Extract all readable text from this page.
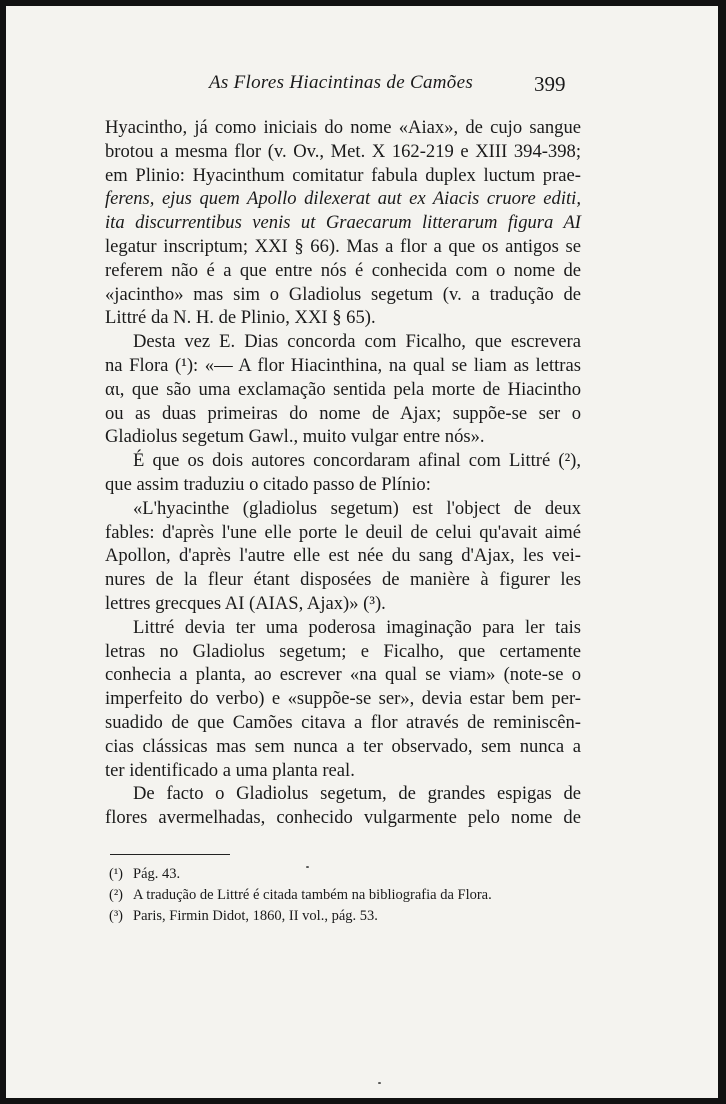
As Flores Hiacintinas de Camões	399
Hyacintho, já como iniciais do nome «Aiax», de cujo sangue
brotou a mesma flor (v. Ov., Met. X 162-219 e XIII 394-398;
em Plinio: Hyacinthum comitatur fabula duplex luctum prae-
ferens, ejus quem Apollo dilexerat aut ex Aiacis cruore editi,
ita discurrentibus venis ut Graecarum litterarum figura AI
legatur inscriptum; XXI § 66). Mas a flor a que os antigos se
referem não é a que entre nós é conhecida com o nome de
«jacintho» mas sim o Gladiolus segetum (v. a tradução de
Littré da N. H. de Plinio, XXI § 65).
Desta vez E. Dias concorda com Ficalho, que escrevera
na Flora (¹): «— A flor Hiacinthina, na qual se liam as lettras
αι, que são uma exclamação sentida pela morte de Hiacintho
ou as duas primeiras do nome de Ajax; suppõe-se ser o
Gladiolus segetum Gawl., muito vulgar entre nós».
É que os dois autores concordaram afinal com Littré (²),
que assim traduziu o citado passo de Plínio:
«L'hyacinthe (gladiolus segetum) est l'object de deux
fables: d'après l'une elle porte le deuil de celui qu'avait aimé
Apollon, d'après l'autre elle est née du sang d'Ajax, les vei-
nures de la fleur étant disposées de manière à figurer les
lettres grecques AI (AIAS, Ajax)» (³).
Littré devia ter uma poderosa imaginação para ler tais
letras no Gladiolus segetum; e Ficalho, que certamente
conhecia a planta, ao escrever «na qual se viam» (note-se o
imperfeito do verbo) e «suppõe-se ser», devia estar bem per-
suadido de que Camões citava a flor através de reminiscên-
cias clássicas mas sem nunca a ter observado, sem nunca a
ter identificado a uma planta real.
De facto o Gladiolus segetum, de grandes espigas de
flores avermelhadas, conhecido vulgarmente pelo nome de
(¹) Pág. 43.
(²) A tradução de Littré é citada também na bibliografia da Flora.
(³) Paris, Firmin Didot, 1860, II vol., pág. 53.
